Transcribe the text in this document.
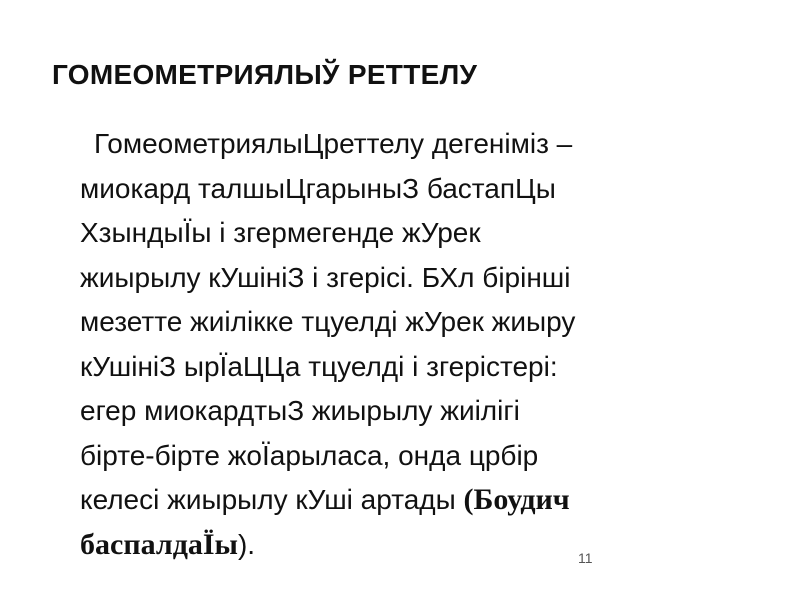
ГОМЕОМЕТРИЯЛЫЎ РЕТТЕЛУ
ГомеометриялыЦреттелу дегеніміз –
миокард талшыЦгарыныЗ бастапЦы
ХзындыЇы і згермегенде жУрек
жиырылу кУшініЗ і згерісі. БХл бірінші
мезетте жиілікке тцуелді жУрек жиыру
кУшініЗ ырЇаЦЦа тцуелді і згерістері:
егер миокардтыЗ жиырылу жиілігі
бірте-бірте жоЇарыласа, онда црбір
келесі жиырылу кУші артады (Боудич
баспалдаЇы).	11
